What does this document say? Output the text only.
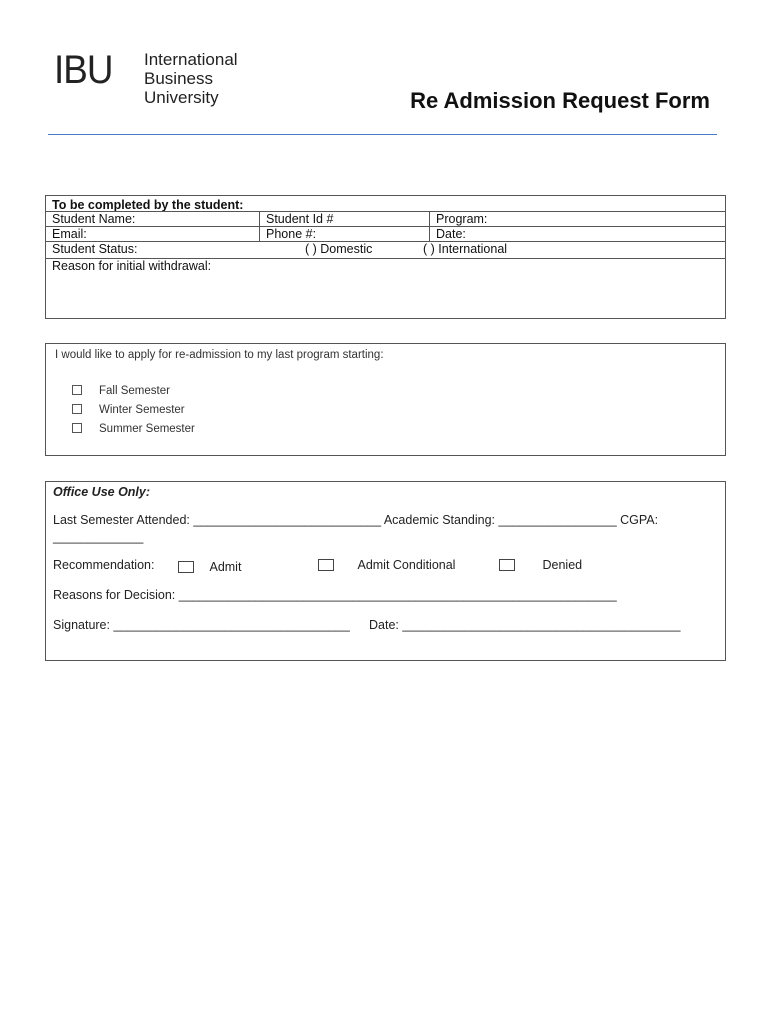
IBU International
Business
University	Re Admission Request Form
To be completed by the student:
Student Name:	Student Id #	Program:
Email:	Phone #:	Date:
Student Status:	( ) Domestic	( ) International
Reason for initial withdrawal:
I would like to apply for re-admission to my last program starting:
Fall Semester
Winter Semester
Summer Semester
Office Use Only:
Last Semester Attended: ___________________________ Academic Standing: _________________ CGPA:
_____________
Recommendation:	Admit	Admit Conditional	Denied
Reasons for Decision: _______________________________________________________________
Signature: __________________________________ Date: ________________________________________
